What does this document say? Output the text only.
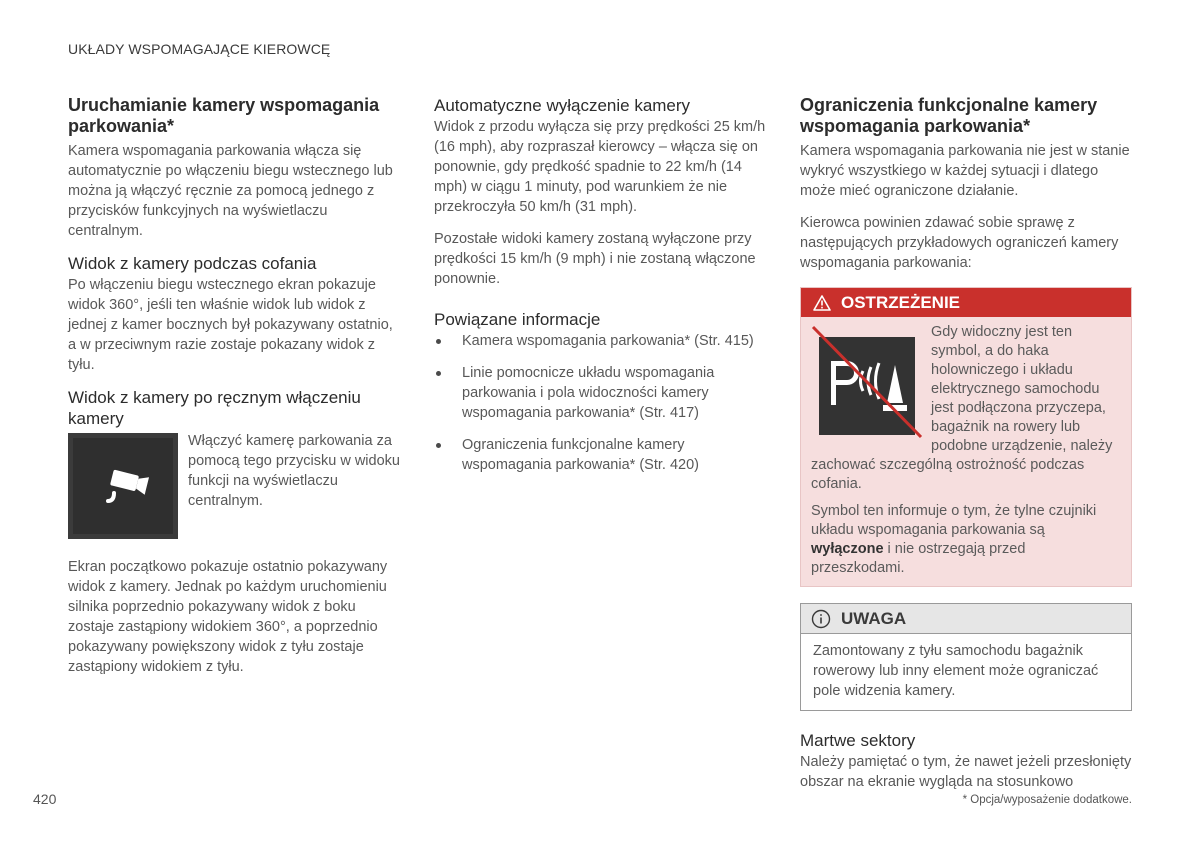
UKŁADY WSPOMAGAJĄCE KIEROWCĘ
Uruchamianie kamery wspomagania parkowania*

Kamera wspomagania parkowania włącza się automatycznie po włączeniu biegu wstecznego lub można ją włączyć ręcznie za pomocą jednego z przycisków funkcyjnych na wyświetlaczu centralnym.

Widok z kamery podczas cofania

Po włączeniu biegu wstecznego ekran pokazuje widok 360°, jeśli ten właśnie widok lub widok z jednej z kamer bocznych był pokazywany ostatnio, a w przeciwnym razie zostaje pokazany widok z tyłu.

Widok z kamery po ręcznym włączeniu kamery

Włączyć kamerę parkowania za pomocą tego przycisku w widoku funkcji na wyświetlaczu centralnym.

Ekran początkowo pokazuje ostatnio pokazywany widok z kamery. Jednak po każdym uruchomieniu silnika poprzednio pokazywany widok z boku zostaje zastąpiony widokiem 360°, a poprzednio pokazywany powiększony widok z tyłu zostaje zastąpiony widokiem z tyłu.

Automatyczne wyłączenie kamery

Widok z przodu wyłącza się przy prędkości 25 km/h (16 mph), aby rozpraszał kierowcy – włącza się on ponownie, gdy prędkość spadnie to 22 km/h (14 mph) w ciągu 1 minuty, pod warunkiem że nie przekroczyła 50 km/h (31 mph).

Pozostałe widoki kamery zostaną wyłączone przy prędkości 15 km/h (9 mph) i nie zostaną włączone ponownie.

Powiązane informacje
Kamera wspomagania parkowania* (Str. 415)
Linie pomocnicze układu wspomagania parkowania i pola widoczności kamery wspomagania parkowania* (Str. 417)
Ograniczenia funkcjonalne kamery wspomagania parkowania* (Str. 420)
Ograniczenia funkcjonalne kamery wspomagania parkowania*

Kamera wspomagania parkowania nie jest w stanie wykryć wszystkiego w każdej sytuacji i dlatego może mieć ograniczone działanie.

Kierowca powinien zdawać sobie sprawę z następujących przykładowych ograniczeń kamery wspomagania parkowania:

OSTRZEŻENIE

Gdy widoczny jest ten symbol, a do haka holowniczego i układu elektrycznego samochodu jest podłączona przyczepa, bagażnik na rowery lub podobne urządzenie, należy zachować szczególną ostrożność podczas cofania.

Symbol ten informuje o tym, że tylne czujniki układu wspomagania parkowania są wyłączone i nie ostrzegają przed przeszkodami.

UWAGA

Zamontowany z tyłu samochodu bagażnik rowerowy lub inny element może ograniczać pole widzenia kamery.

Martwe sektory

Należy pamiętać o tym, że nawet jeżeli przesłonięty obszar na ekranie wygląda na stosunkowo

420	* Opcja/wyposażenie dodatkowe.
